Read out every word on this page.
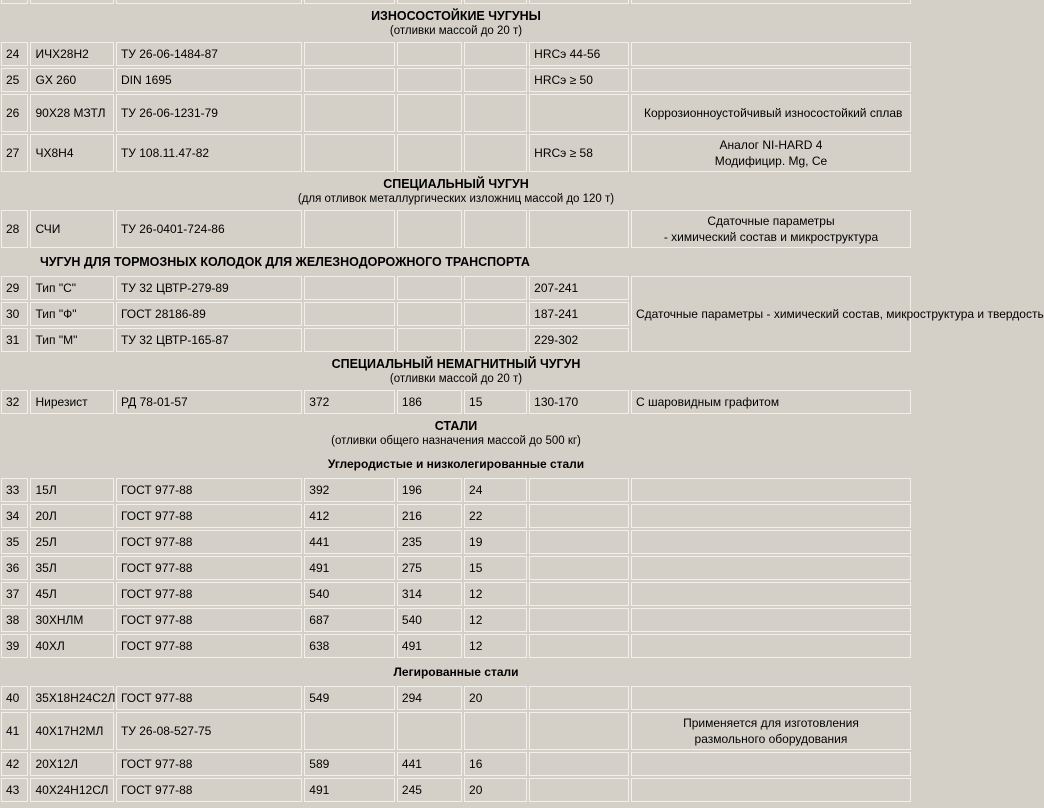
ИЗНОСОСТОЙКИЕ ЧУГУНЫ
(отливки массой до 20 т)							

24	ИЧХ28Н2	ТУ 26-06-1484-87				HRCэ 44-56	
25	GX 260	DIN 1695				HRCэ ≥ 50	
26	90Х28 МЗТЛ	ТУ 26-06-1231-79					Коррозионноустойчивый износостойкий сплав
27	ЧХ8Н4	ТУ 108.11.47-82				HRCэ ≥ 58	Аналог NI-HARD 4
Модифицир. Mg, Ce

СПЕЦИАЛЬНЫЙ ЧУГУН
(для отливок металлургических изложниц массой до 120 т)							

28	СЧИ	ТУ 26-0401-724-86					Сдаточные параметры
- химический состав и микроструктура

ЧУГУН ДЛЯ ТОРМОЗНЫХ КОЛОДОК ДЛЯ ЖЕЛЕЗНОДОРОЖНОГО ТРАНСПОРТА							

29	Тип "С"	ТУ 32 ЦВТР-279-89				207-241	Сдаточные параметры - химический состав, микроструктура и твердость
30	Тип "Ф"	ГОСТ 28186-89				187-241	
31	Тип "М"	ТУ 32 ЦВТР-165-87				229-302	

СПЕЦИАЛЬНЫЙ НЕМАГНИТНЫЙ ЧУГУН
(отливки массой до 20 т)							

32	Нирезист	РД 78-01-57	372	186	15	130-170	С шаровидным графитом

СТАЛИ
(отливки общего назначения массой до 500 кг)							

Углеродистые и низколегированные стали							
33	15Л	ГОСТ 977-88	392	196	24		
34	20Л	ГОСТ 977-88	412	216	22		
35	25Л	ГОСТ 977-88	441	235	19		
36	35Л	ГОСТ 977-88	491	275	15		
37	45Л	ГОСТ 977-88	540	314	12		
38	30ХНЛМ	ГОСТ 977-88	687	540	12		
39	40ХЛ	ГОСТ 977-88	638	491	12		
Легированные стали							
40	35Х18Н24С2Л	ГОСТ 977-88	549	294	20		
41	40Х17Н2МЛ	ТУ 26-08-527-75					Применяется для изготовления
размольного оборудования

42	20Х12Л	ГОСТ 977-88	589	441	16		
43	40Х24Н12СЛ	ГОСТ 977-88	491	245	20		
